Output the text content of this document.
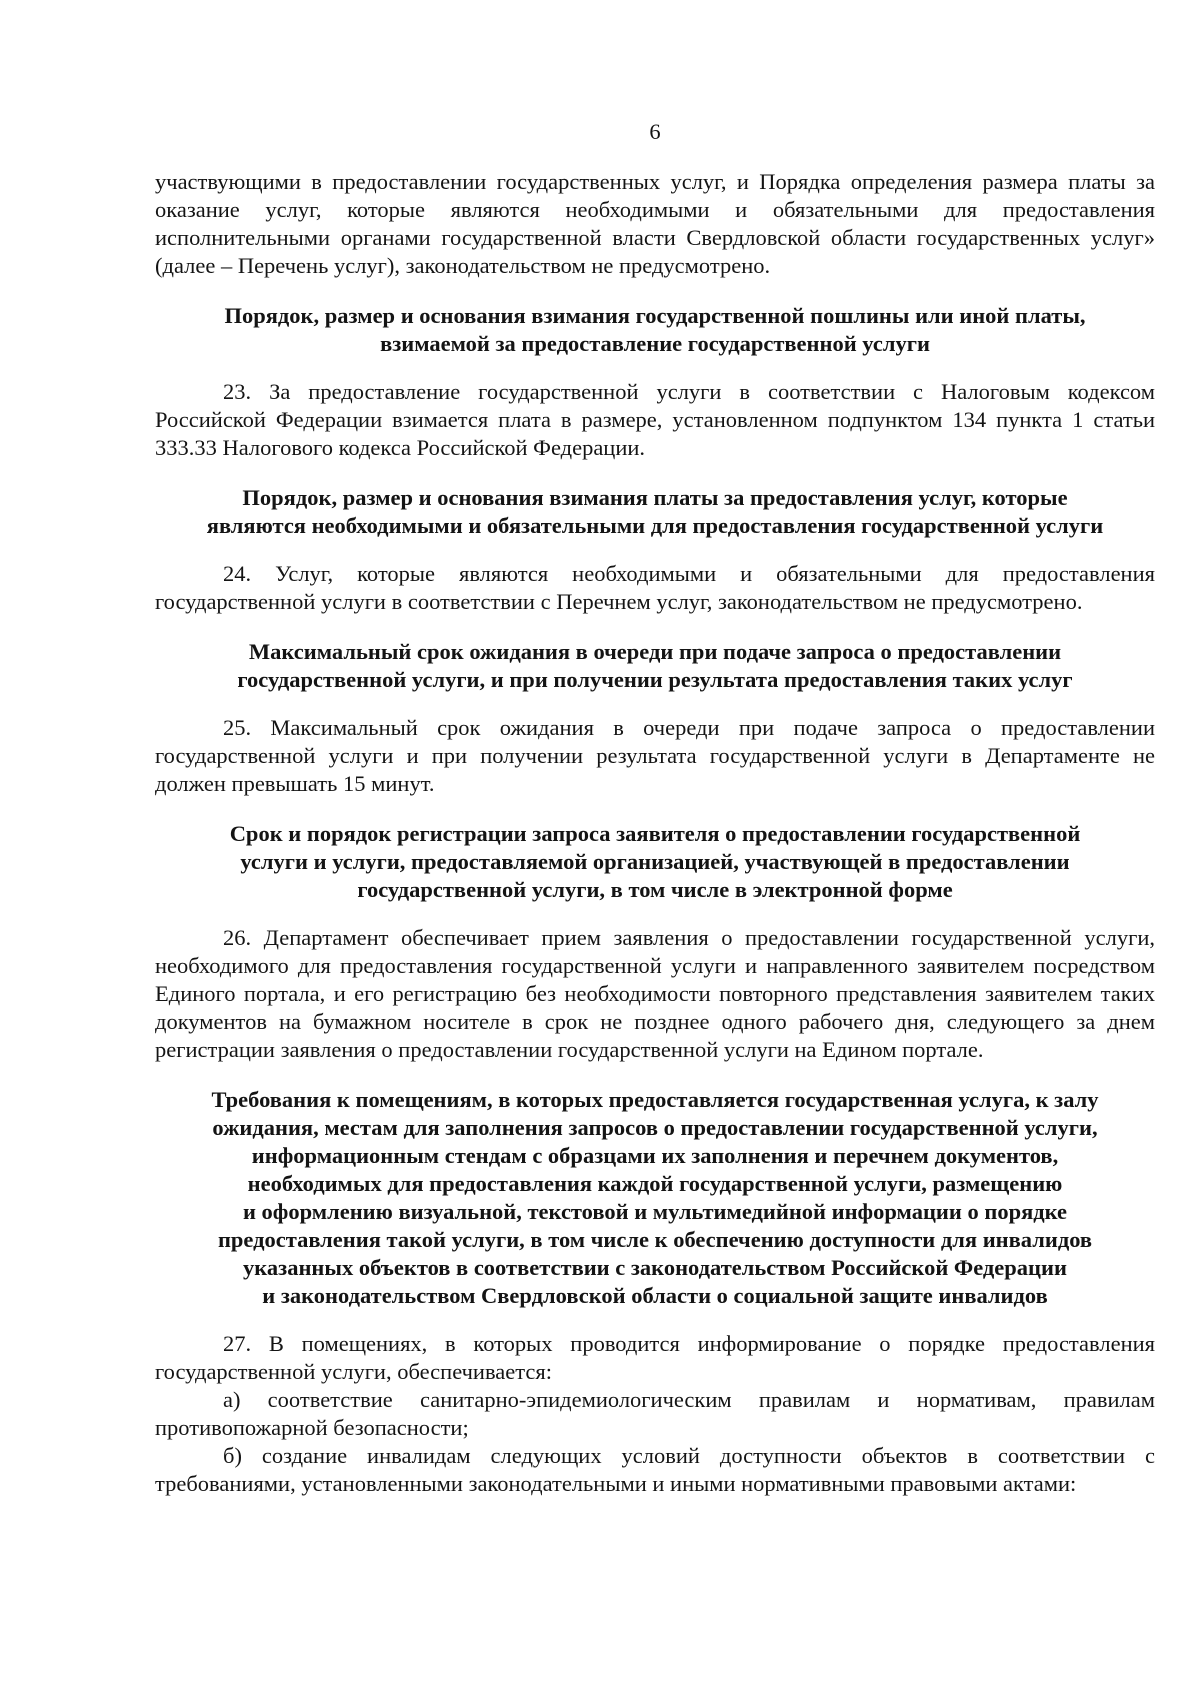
6

участвующими в предоставлении государственных услуг, и Порядка определения размера платы за оказание услуг, которые являются необходимыми и обязательными для предоставления исполнительными органами государственной власти Свердловской области государственных услуг» (далее – Перечень услуг), законодательством не предусмотрено.

Порядок, размер и основания взимания государственной пошлины или иной платы,
взимаемой за предоставление государственной услуги

23. За предоставление государственной услуги в соответствии с Налоговым кодексом Российской Федерации взимается плата в размере, установленном подпунктом 134 пункта 1 статьи 333.33 Налогового кодекса Российской Федерации.

Порядок, размер и основания взимания платы за предоставления услуг, которые
являются необходимыми и обязательными для предоставления государственной услуги

24. Услуг, которые являются необходимыми и обязательными для предоставления государственной услуги в соответствии с Перечнем услуг, законодательством не предусмотрено.

Максимальный срок ожидания в очереди при подаче запроса о предоставлении
государственной услуги, и при получении результата предоставления таких услуг

25. Максимальный срок ожидания в очереди при подаче запроса о предоставлении государственной услуги и при получении результата государственной услуги в Департаменте не должен превышать 15 минут.

Срок и порядок регистрации запроса заявителя о предоставлении государственной
услуги и услуги, предоставляемой организацией, участвующей в предоставлении
государственной услуги, в том числе в электронной форме

26. Департамент обеспечивает прием заявления о предоставлении государственной услуги, необходимого для предоставления государственной услуги и направленного заявителем посредством Единого портала, и его регистрацию без необходимости повторного представления заявителем таких документов на бумажном носителе в срок не позднее одного рабочего дня, следующего за днем регистрации заявления о предоставлении государственной услуги на Едином портале.

Требования к помещениям, в которых предоставляется государственная услуга, к залу
ожидания, местам для заполнения запросов о предоставлении государственной услуги,
информационным стендам с образцами их заполнения и перечнем документов,
необходимых для предоставления каждой государственной услуги, размещению
и оформлению визуальной, текстовой и мультимедийной информации о порядке
предоставления такой услуги, в том числе к обеспечению доступности для инвалидов
указанных объектов в соответствии с законодательством Российской Федерации
и законодательством Свердловской области о социальной защите инвалидов

27. В помещениях, в которых проводится информирование о порядке предоставления государственной услуги, обеспечивается:

а) соответствие санитарно-эпидемиологическим правилам и нормативам, правилам противопожарной безопасности;

б) создание инвалидам следующих условий доступности объектов в соответствии с требованиями, установленными законодательными и иными нормативными правовыми актами:
